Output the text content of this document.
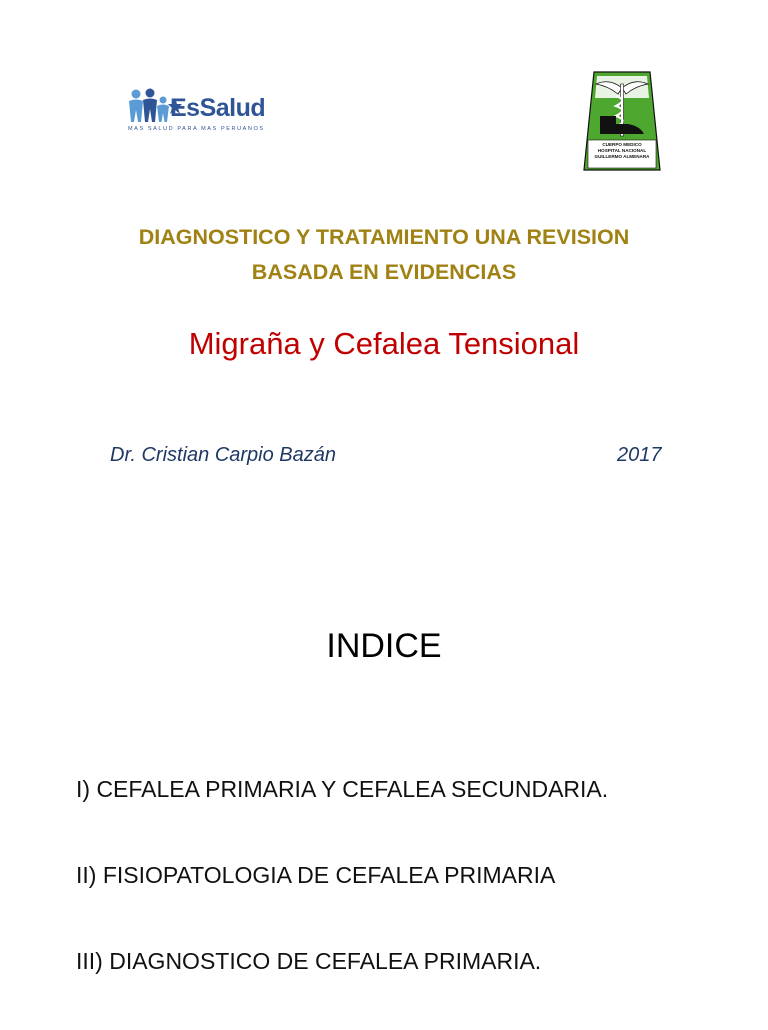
EsSalud
MAS SALUD PARA MAS PERUANOS
CUERPO MEDICO
HOSPITAL NACIONAL
GUILLERMO ALMENARA
DIAGNOSTICO Y TRATAMIENTO UNA REVISION
BASADA EN EVIDENCIAS
Migraña y Cefalea Tensional
Dr. Cristian Carpio Bazán	2017
INDICE
I) CEFALEA PRIMARIA Y CEFALEA SECUNDARIA.
II) FISIOPATOLOGIA DE CEFALEA PRIMARIA
III) DIAGNOSTICO DE CEFALEA PRIMARIA.
